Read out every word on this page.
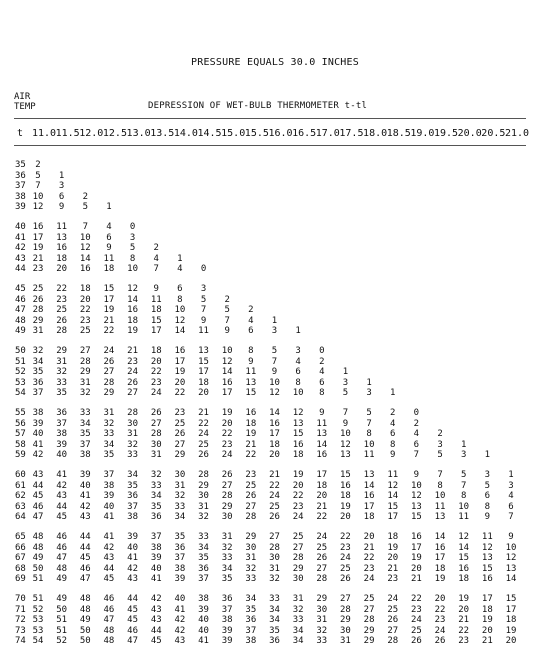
PRESSURE EQUALS 30.0 INCHES
AIR
TEMP	DEPRESSION OF WET-BULB THERMOMETER t-tl
t 11.0 11.5 12.0 12.5 13.0 13.5 14.0 14.5 15.0 15.5 16.0 16.5 17.0 17.5 18.0 18.5 19.0 19.5 20.0 20.5 21.0
35 2
36 5 1
37 7 3
38 10 6 2
39 12 9 5 1
40 16 11 7 4 0
41 17 13 10 6 3
42 19 16 12 9 5 2
43 21 18 14 11 8 4 1
44 23 20 16 18 10 7 4 0
45 25 22 18 15 12 9 6 3
46 26 23 20 17 14 11 8 5 2
47 28 25 22 19 16 18 10 7 5 2
48 29 26 23 21 18 15 12 9 7 4 1
49 31 28 25 22 19 17 14 11 9 6 3 1
50 32 29 27 24 21 18 16 13 10 8 5 3 0
51 34 31 28 26 23 20 17 15 12 9 7 4 2
52 35 32 29 27 24 22 19 17 14 11 9 6 4 1
53 36 33 31 28 26 23 20 18 16 13 10 8 6 3 1
54 37 35 32 29 27 24 22 20 17 15 12 10 8 5 3 1
55 38 36 33 31 28 26 23 21 19 16 14 12 9 7 5 2 0
56 39 37 34 32 30 27 25 22 20 18 16 13 11 9 7 4 2
57 40 38 35 33 31 28 26 24 22 19 17 15 13 10 8 6 4 2
58 41 39 37 34 32 30 27 25 23 21 18 16 14 12 10 8 6 3 1
59 42 40 38 35 33 31 29 26 24 22 20 18 16 13 11 9 7 5 3 1
60 43 41 39 37 34 32 30 28 26 23 21 19 17 15 13 11 9 7 5 3 1
61 44 42 40 38 35 33 31 29 27 25 22 20 18 16 14 12 10 8 7 5 3
62 45 43 41 39 36 34 32 30 28 26 24 22 20 18 16 14 12 10 8 6 4
63 46 44 42 40 37 35 33 31 29 27 25 23 21 19 17 15 13 11 10 8 6
64 47 45 43 41 38 36 34 32 30 28 26 24 22 20 18 17 15 13 11 9 7
65 48 46 44 41 39 37 35 33 31 29 27 25 24 22 20 18 16 14 12 11 9
66 48 46 44 42 40 38 36 34 32 30 28 27 25 23 21 19 17 16 14 12 10
67 49 47 45 43 41 39 37 35 33 31 30 28 26 24 22 20 19 17 15 13 12
68 50 48 46 44 42 40 38 36 34 32 31 29 27 25 23 21 20 18 16 15 13
69 51 49 47 45 43 41 39 37 35 33 32 30 28 26 24 23 21 19 18 16 14
70 51 49 48 46 44 42 40 38 36 34 33 31 29 27 25 24 22 20 19 17 15
71 52 50 48 46 45 43 41 39 37 35 34 32 30 28 27 25 23 22 20 18 17
72 53 51 49 47 45 43 42 40 38 36 34 33 31 29 28 26 24 23 21 19 18
73 53 51 50 48 46 44 42 40 39 37 35 34 32 30 29 27 25 24 22 20 19
74 54 52 50 48 47 45 43 41 39 38 36 34 33 31 29 28 26 26 23 21 20
